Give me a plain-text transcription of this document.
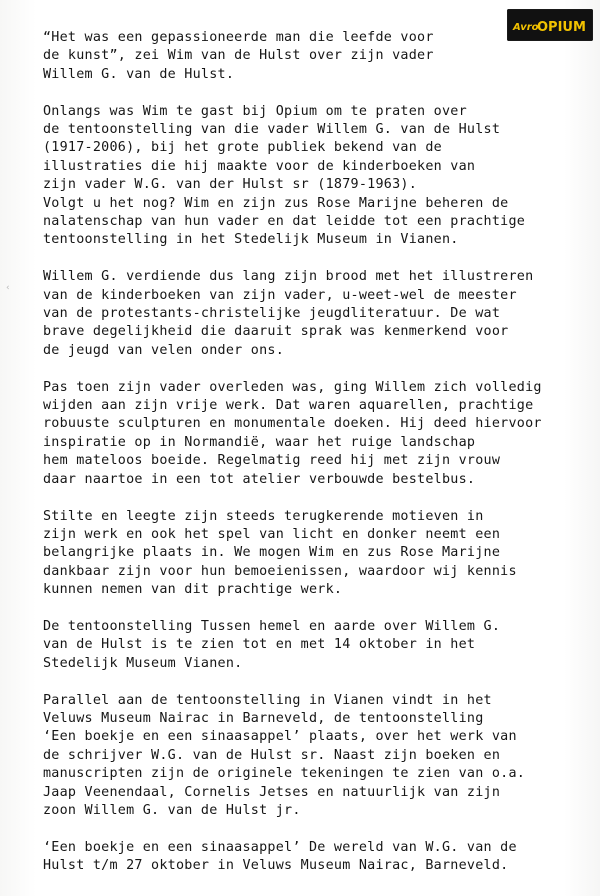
Avro
OPIUM
‹

“Het was een gepassioneerde man die leefde voor
de kunst”, zei Wim van de Hulst over zijn vader
Willem G. van de Hulst.

Onlangs was Wim te gast bij Opium om te praten over
de tentoonstelling van die vader Willem G. van de Hulst
(1917-2006), bij het grote publiek bekend van de
illustraties die hij maakte voor de kinderboeken van
zijn vader W.G. van der Hulst sr (1879-1963).
Volgt u het nog? Wim en zijn zus Rose Marijne beheren de
nalatenschap van hun vader en dat leidde tot een prachtige
tentoonstelling in het Stedelijk Museum in Vianen.

Willem G. verdiende dus lang zijn brood met het illustreren
van de kinderboeken van zijn vader, u-weet-wel de meester
van de protestants-christelijke jeugdliteratuur. De wat
brave degelijkheid die daaruit sprak was kenmerkend voor
de jeugd van velen onder ons.

Pas toen zijn vader overleden was, ging Willem zich volledig
wijden aan zijn vrije werk. Dat waren aquarellen, prachtige
robuuste sculpturen en monumentale doeken. Hij deed hiervoor
inspiratie op in Normandië, waar het ruige landschap
hem mateloos boeide. Regelmatig reed hij met zijn vrouw
daar naartoe in een tot atelier verbouwde bestelbus.

Stilte en leegte zijn steeds terugkerende motieven in
zijn werk en ook het spel van licht en donker neemt een
belangrijke plaats in. We mogen Wim en zus Rose Marijne
dankbaar zijn voor hun bemoeienissen, waardoor wij kennis
kunnen nemen van dit prachtige werk.

De tentoonstelling Tussen hemel en aarde over Willem G.
van de Hulst is te zien tot en met 14 oktober in het
Stedelijk Museum Vianen.

Parallel aan de tentoonstelling in Vianen vindt in het
Veluws Museum Nairac in Barneveld, de tentoonstelling
‘Een boekje en een sinaasappel’ plaats, over het werk van
de schrijver W.G. van de Hulst sr. Naast zijn boeken en
manuscripten zijn de originele tekeningen te zien van o.a.
Jaap Veenendaal, Cornelis Jetses en natuurlijk van zijn
zoon Willem G. van de Hulst jr.

‘Een boekje en een sinaasappel’ De wereld van W.G. van de
Hulst t/m 27 oktober in Veluws Museum Nairac, Barneveld.
